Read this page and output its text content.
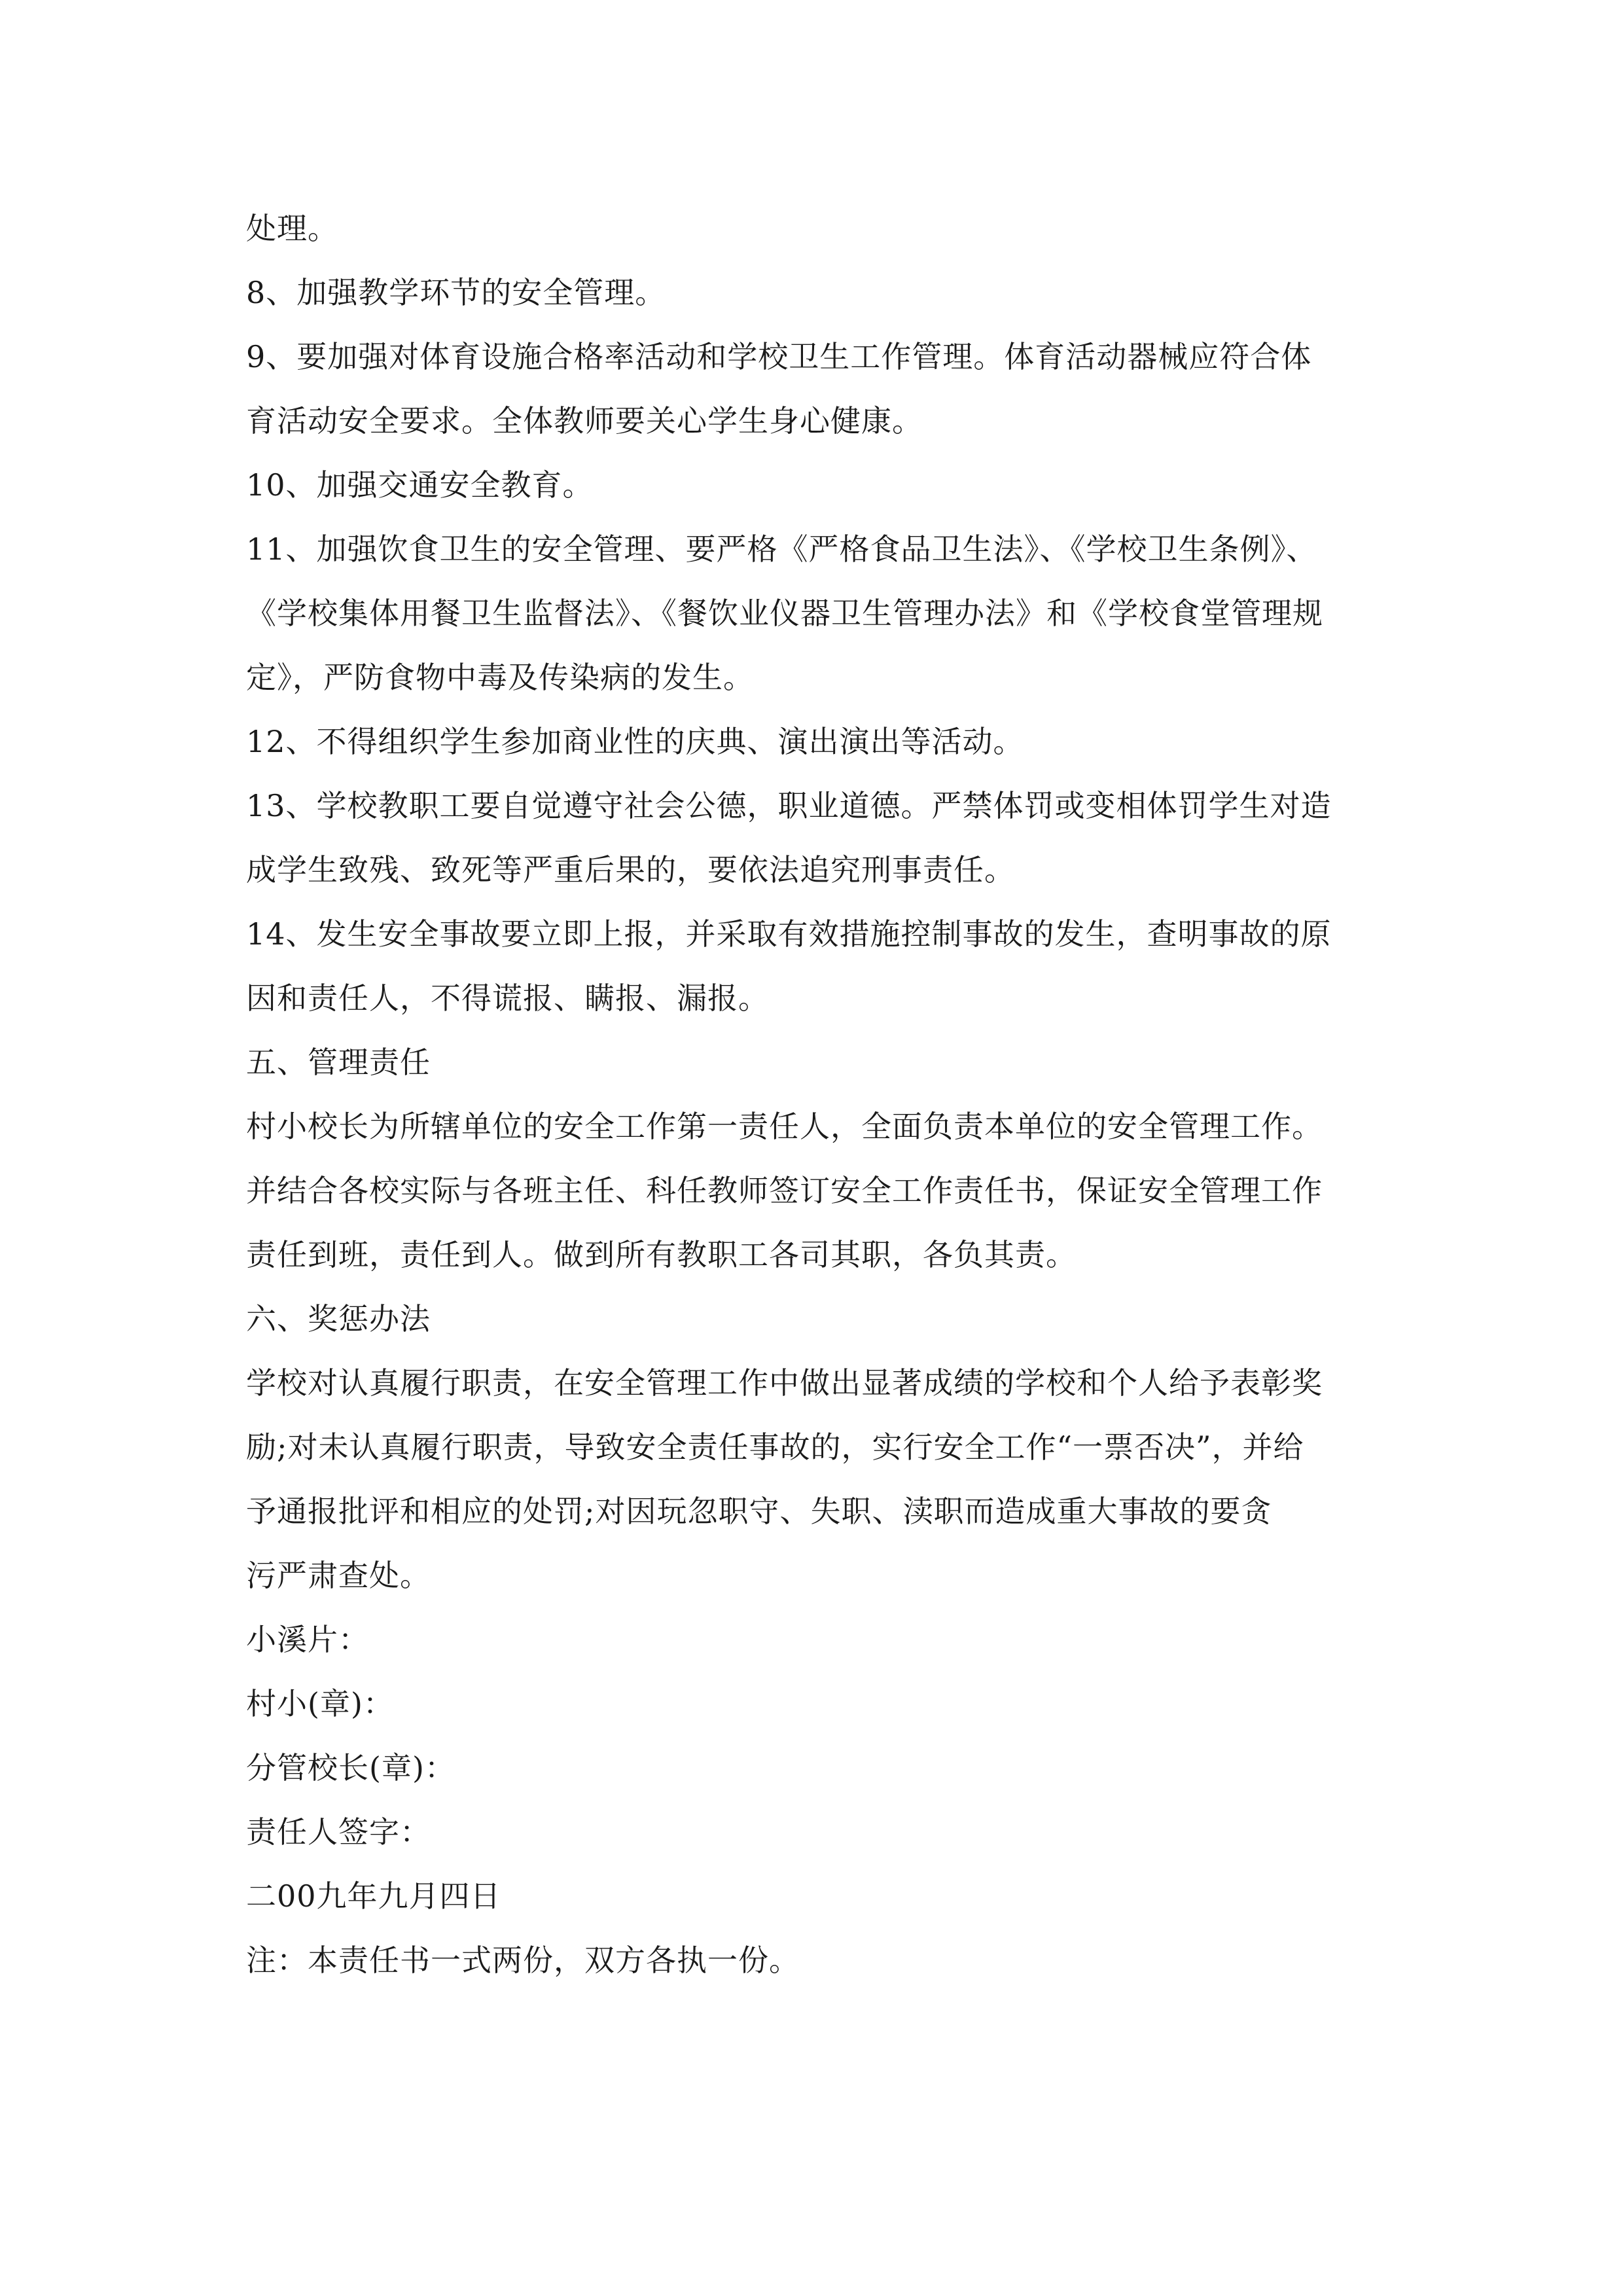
处理。
8、加强教学环节的安全管理。
9、要加强对体育设施合格率活动和学校卫生工作管理。体育活动器械应符合体
育活动安全要求。全体教师要关心学生身心健康。
10、加强交通安全教育。
11、加强饮食卫生的安全管理、要严格《严格食品卫生法》、《学校卫生条例》、
《学校集体用餐卫生监督法》、《餐饮业仪器卫生管理办法》和《学校食堂管理规
定》，严防食物中毒及传染病的发生。
12、不得组织学生参加商业性的庆典、演出演出等活动。
13、学校教职工要自觉遵守社会公德，职业道德。严禁体罚或变相体罚学生对造
成学生致残、致死等严重后果的，要依法追究刑事责任。
14、发生安全事故要立即上报，并采取有效措施控制事故的发生，查明事故的原
因和责任人，不得谎报、瞒报、漏报。
五、管理责任
村小校长为所辖单位的安全工作第一责任人，全面负责本单位的安全管理工作。
并结合各校实际与各班主任、科任教师签订安全工作责任书，保证安全管理工作
责任到班，责任到人。做到所有教职工各司其职，各负其责。
六、奖惩办法
学校对认真履行职责，在安全管理工作中做出显著成绩的学校和个人给予表彰奖
励;对未认真履行职责，导致安全责任事故的，实行安全工作“一票否决”，并给
予通报批评和相应的处罚;对因玩忽职守、失职、渎职而造成重大事故的要贪
污严肃查处。
小溪片：
村小(章)：
分管校长(章)：
责任人签字：
二00九年九月四日
注：本责任书一式两份，双方各执一份。
